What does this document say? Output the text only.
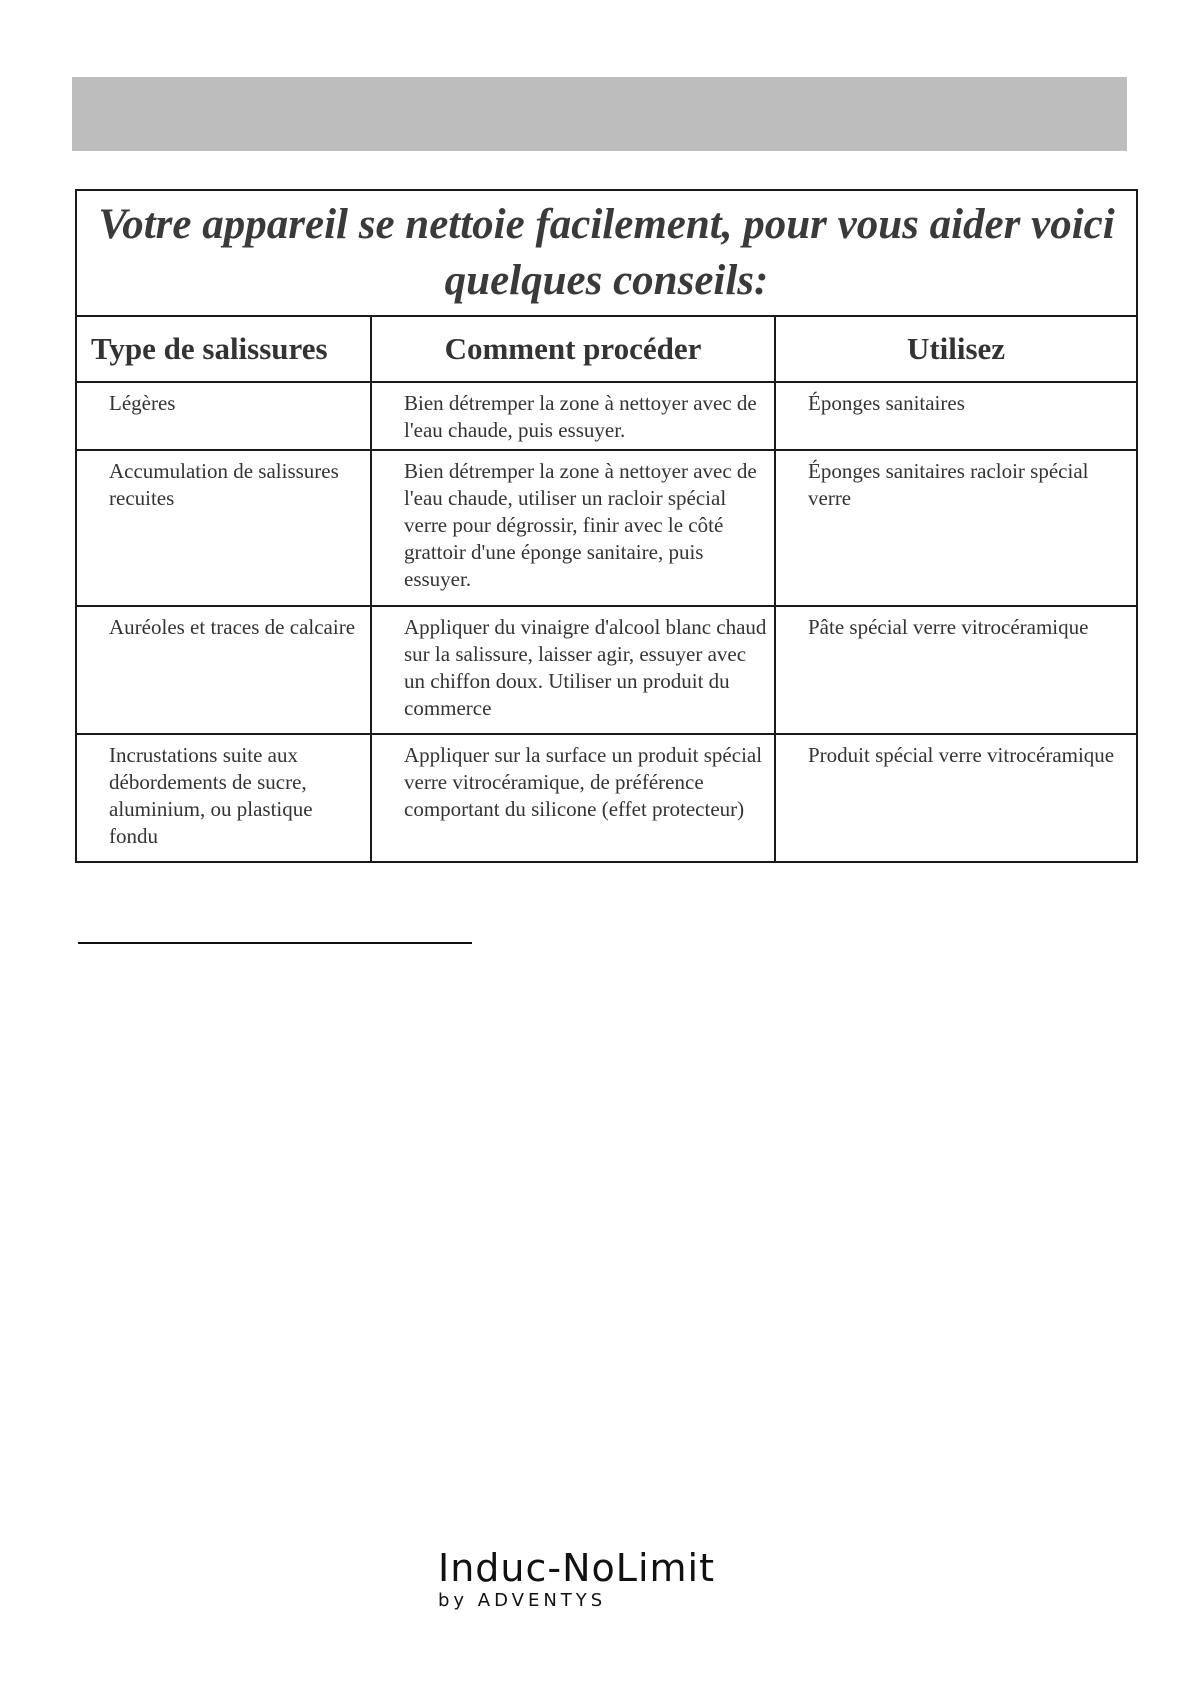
Votre appareil se nettoie facilement, pour vous aider voici quelques conseils:		
Type de salissures	Comment procéder	Utilisez
Légères	Bien détremper la zone à nettoyer avec de l'eau chaude, puis essuyer.	Éponges sanitaires
Accumulation de salissures recuites	Bien détremper la zone à nettoyer avec de l'eau chaude, utiliser un racloir spécial verre pour dégrossir, finir avec le côté grattoir d'une éponge sanitaire, puis essuyer.	Éponges sanitaires racloir spécial verre
Auréoles et traces de calcaire	Appliquer du vinaigre d'alcool blanc chaud sur la salissure, laisser agir, essuyer avec un chiffon doux. Utiliser un produit du commerce	Pâte spécial verre vitrocéramique
Incrustations suite aux débordements de sucre, aluminium, ou plastique fondu	Appliquer sur la surface un produit spécial verre vitrocéramique, de préférence comportant du silicone (effet protecteur)	Produit spécial verre vitrocéramique
Induc-NoLimit
by ADVENTYS
